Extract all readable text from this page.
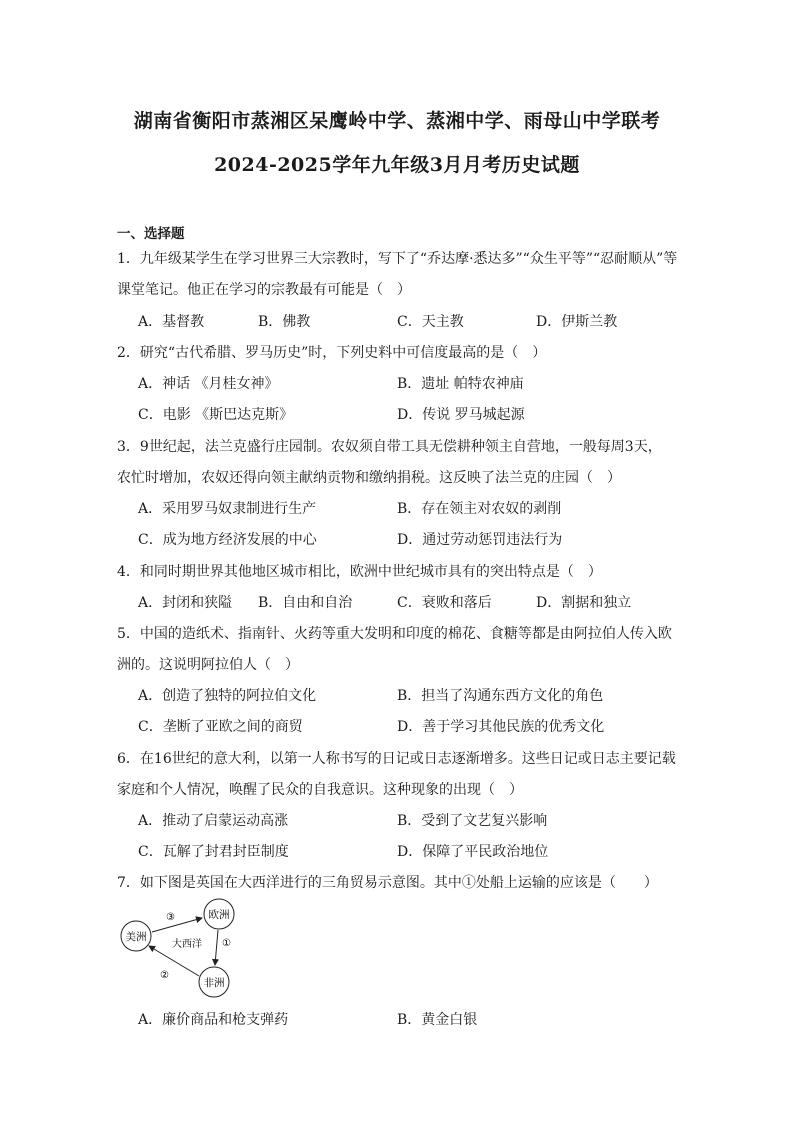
湖南省衡阳市蒸湘区呆鹰岭中学、蒸湘中学、雨母山中学联考
2024-2025学年九年级3月月考历史试题
一、选择题
1．九年级某学生在学习世界三大宗教时，写下了“乔达摩·悉达多”“众生平等”“忍耐顺从”等
课堂笔记。他正在学习的宗教最有可能是（　）
A．基督教	B．佛教	C．天主教	D．伊斯兰教
2．研究“古代希腊、罗马历史”时，下列史料中可信度最高的是（　）
A．神话 《月桂女神》	B．遗址 帕特农神庙
C．电影 《斯巴达克斯》	D．传说 罗马城起源
3．9世纪起，法兰克盛行庄园制。农奴须自带工具无偿耕种领主自营地，一般每周3天，
农忙时增加，农奴还得向领主献纳贡物和缴纳捐税。这反映了法兰克的庄园（　）
A．采用罗马奴隶制进行生产	B．存在领主对农奴的剥削
C．成为地方经济发展的中心	D．通过劳动惩罚违法行为
4．和同时期世界其他地区城市相比，欧洲中世纪城市具有的突出特点是（　）
A．封闭和狭隘 B．自由和自治	C．衰败和落后	D．割据和独立
5．中国的造纸术、指南针、火药等重大发明和印度的棉花、食糖等都是由阿拉伯人传入欧
洲的。这说明阿拉伯人（　）
A．创造了独特的阿拉伯文化	B．担当了沟通东西方文化的角色
C．垄断了亚欧之间的商贸	D．善于学习其他民族的优秀文化
6．在16世纪的意大利，以第一人称书写的日记或日志逐渐增多。这些日记或日志主要记载
家庭和个人情况，唤醒了民众的自我意识。这种现象的出现（　）
A．推动了启蒙运动高涨	B．受到了文艺复兴影响
C．瓦解了封君封臣制度	D．保障了平民政治地位
7．如下图是英国在大西洋进行的三角贸易示意图。其中①处船上运输的应该是（　　）
美洲
欧洲
非洲
③
①
②
大西洋
A．廉价商品和枪支弹药	B．黄金白银
